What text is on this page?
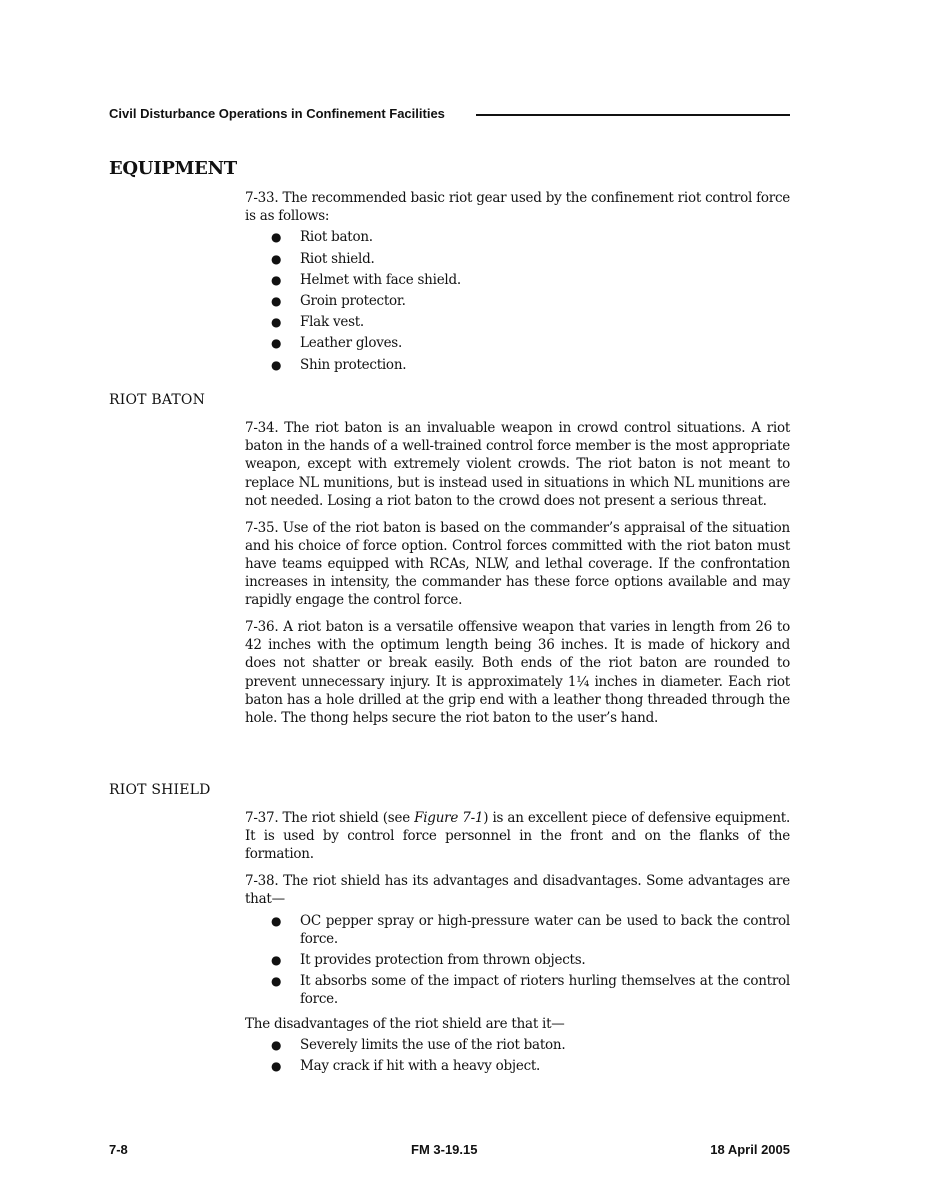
Civil Disturbance Operations in Confinement Facilities
EQUIPMENT

7-33. The recommended basic riot gear used by the confinement riot control force is as follows:

● Riot baton.
● Riot shield.
● Helmet with face shield.
● Groin protector.
● Flak vest.
● Leather gloves.
● Shin protection.
RIOT BATON

7-34. The riot baton is an invaluable weapon in crowd control situations. A riot baton in the hands of a well-trained control force member is the most appropriate weapon, except with extremely violent crowds. The riot baton is not meant to replace NL munitions, but is instead used in situations in which NL munitions are not needed. Losing a riot baton to the crowd does not present a serious threat.

7-35. Use of the riot baton is based on the commander’s appraisal of the situation and his choice of force option. Control forces committed with the riot baton must have teams equipped with RCAs, NLW, and lethal coverage. If the confrontation increases in intensity, the commander has these force options available and may rapidly engage the control force.

7-36. A riot baton is a versatile offensive weapon that varies in length from 26 to 42 inches with the optimum length being 36 inches. It is made of hickory and does not shatter or break easily. Both ends of the riot baton are rounded to prevent unnecessary injury. It is approximately 1¼ inches in diameter. Each riot baton has a hole drilled at the grip end with a leather thong threaded through the hole. The thong helps secure the riot baton to the user’s hand.

RIOT SHIELD

7-37. The riot shield (see Figure 7-1) is an excellent piece of defensive equipment. It is used by control force personnel in the front and on the flanks of the formation.

7-38. The riot shield has its advantages and disadvantages. Some advantages are that—

● OC pepper spray or high-pressure water can be used to back the control force.
● It provides protection from thrown objects.
● It absorbs some of the impact of rioters hurling themselves at the control force.

The disadvantages of the riot shield are that it—

● Severely limits the use of the riot baton.
● May crack if hit with a heavy object.
7-8	FM 3-19.15	18 April 2005
